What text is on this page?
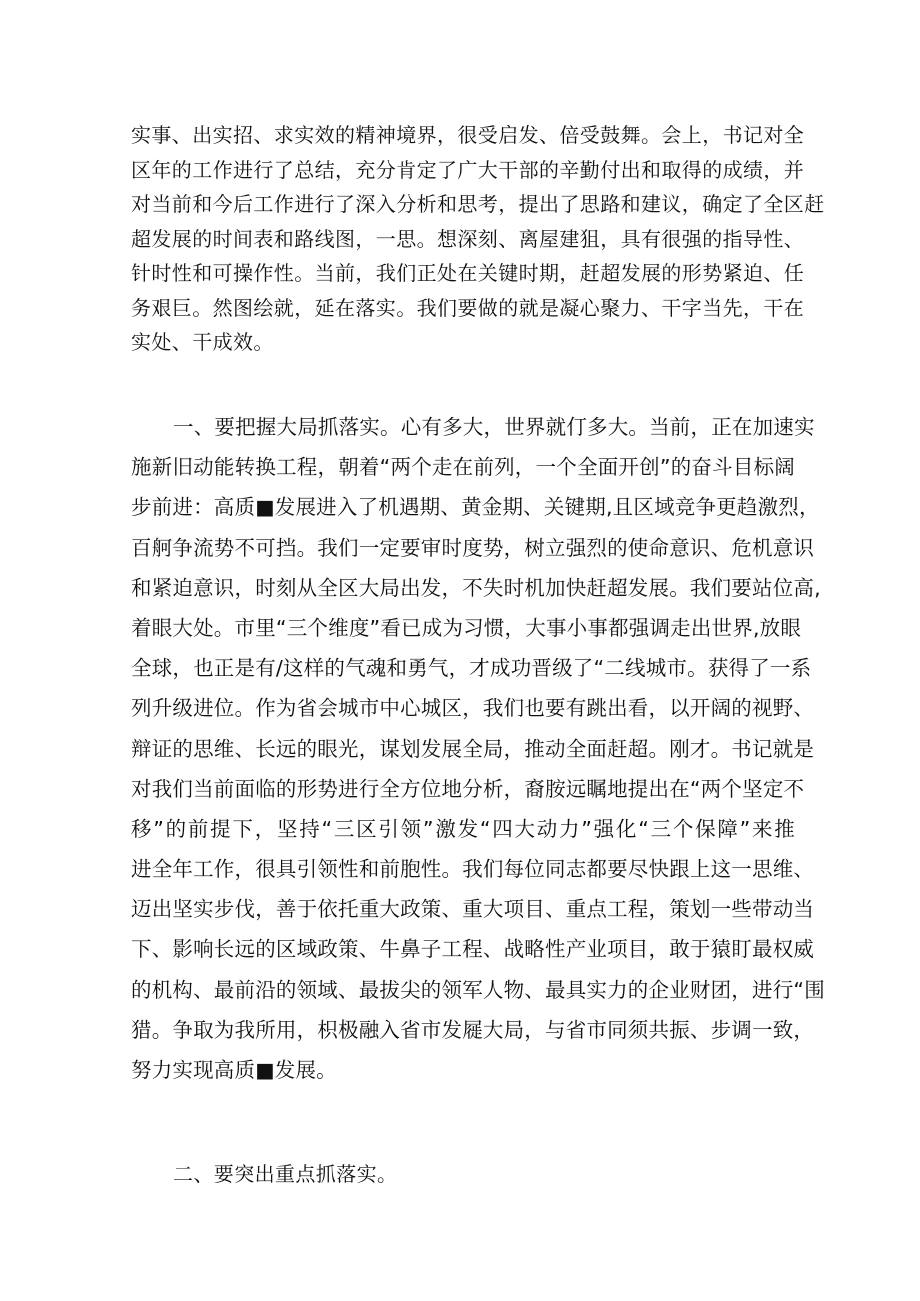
实事、出实招、求实效的精神境界，很受启发、倍受鼓舞。会上，书记对全
区年的工作进行了总结，充分肯定了广大干部的辛勤付出和取得的成绩，并
对当前和今后工作进行了深入分析和思考，提出了思路和建议，确定了全区赶
超发展的时间表和路线图，一思。想深刻、离屋建狙，具有很强的指导性、
针时性和可操作性。当前，我们正处在关键时期，赶超发展的形势紧迫、任
务艰巨。然图绘就，延在落实。我们要做的就是凝心聚力、干字当先，干在
实处、干成效。
一、要把握大局抓落实。心有多大，世界就仃多大。当前，正在加速实
施新旧动能转换工程，朝着“两个走在前列，一个全面开创”的奋斗目标阔
步前进：高质■发展进入了机遇期、黄金期、关键期,且区域竞争更趋激烈，
百舸争流势不可挡。我们一定要审时度势，树立强烈的使命意识、危机意识
和紧迫意识，时刻从全区大局出发，不失时机加快赶超发展。我们要站位高,
着眼大处。市里“三个维度”看已成为习惯，大事小事都强调走出世界,放眼
全球，也正是有/这样的气魂和勇气，才成功晋级了“二线城市。获得了一系
列升级进位。作为省会城市中心城区，我们也要有跳出看，以开阔的视野、
辩证的思维、长远的眼光，谋划发展全局，推动全面赶超。刚才。书记就是
对我们当前面临的形势进行全方位地分析，裔胺远瞩地提出在“两个坚定不
移”的前提下，坚持“三区引领”激发“四大动力”强化“三个保障”来推
进全年工作，很具引领性和前胞性。我们每位同志都要尽快跟上这一思维、
迈出坚实步伐，善于依托重大政策、重大项目、重点工程，策划一些带动当
下、影响长远的区域政策、牛鼻子工程、战略性产业项目，敢于猿盯最权威
的机构、最前沿的领域、最拔尖的领军人物、最具实力的企业财团，进行“围
猎。争取为我所用，枳极融入省市发屣大局，与省市同须共振、步调一致，
努力实现高质■发展。
二、要突出重点抓落实。
